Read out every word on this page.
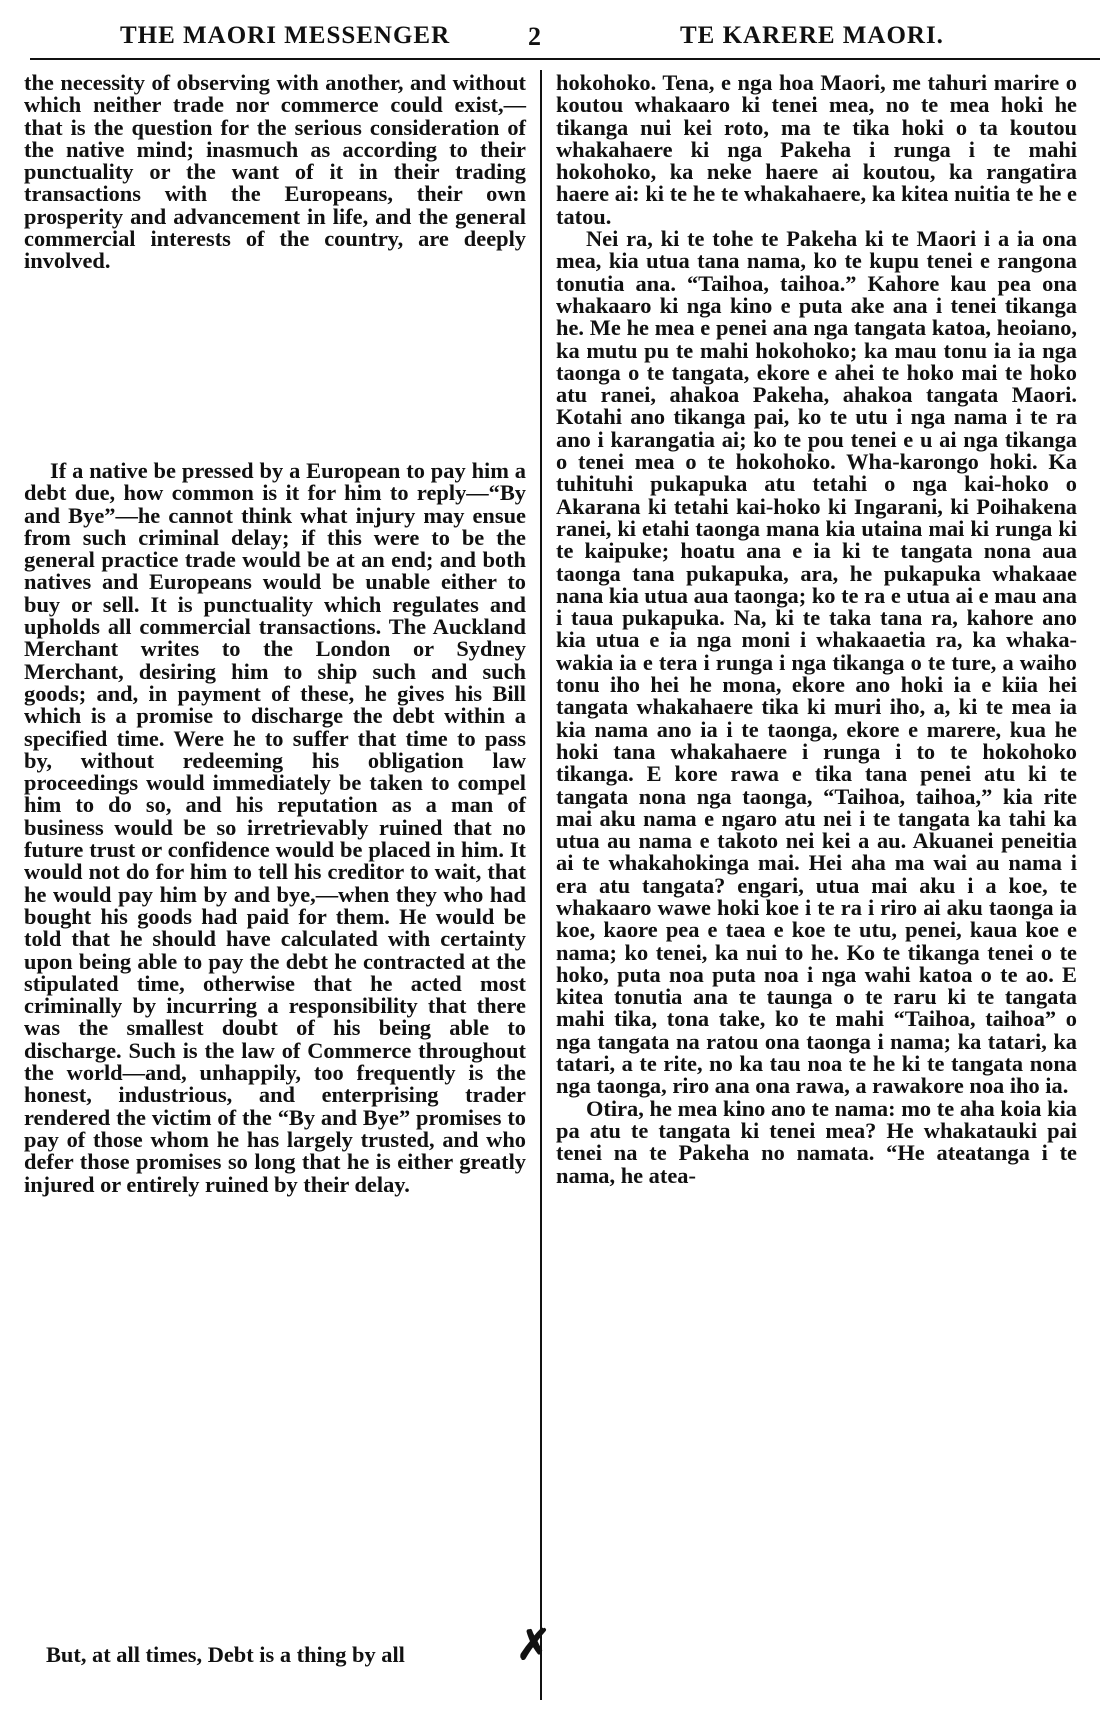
THE MAORI MESSENGER	2	TE KARERE MAORI.

the necessity of observing with another, and without which neither trade nor commerce could exist,—that is the question for the serious consideration of the native mind; inasmuch as according to their punctuality or the want of it in their trading transactions with the Europeans, their own prosperity and advancement in life, and the general commercial interests of the country, are deeply involved.

If a native be pressed by a European to pay him a debt due, how common is it for him to reply—“By and Bye”—he cannot think what injury may ensue from such criminal delay; if this were to be the general practice trade would be at an end; and both natives and Europeans would be unable either to buy or sell. It is punctuality which regulates and upholds all commercial transactions. The Auckland Merchant writes to the London or Sydney Merchant, desiring him to ship such and such goods; and, in payment of these, he gives his Bill which is a promise to discharge the debt within a specified time. Were he to suffer that time to pass by, without redeeming his obligation law proceedings would immediately be taken to compel him to do so, and his reputation as a man of business would be so irretrievably ruined that no future trust or confidence would be placed in him. It would not do for him to tell his creditor to wait, that he would pay him by and bye,—when they who had bought his goods had paid for them. He would be told that he should have calculated with certainty upon being able to pay the debt he contracted at the stipulated time, otherwise that he acted most criminally by incurring a responsibility that there was the smallest doubt of his being able to discharge. Such is the law of Commerce throughout the world—and, unhappily, too frequently is the honest, industrious, and enterprising trader rendered the victim of the “By and Bye” promises to pay of those whom he has largely trusted, and who defer those promises so long that he is either greatly injured or entirely ruined by their delay.

But, at all times, Debt is a thing by all

hokohoko. Tena, e nga hoa Maori, me tahuri marire o koutou whakaaro ki tenei mea, no te mea hoki he tikanga nui kei roto, ma te tika hoki o ta koutou whakahaere ki nga Pakeha i runga i te mahi hokohoko, ka neke haere ai koutou, ka rangatira haere ai: ki te he te whakahaere, ka kitea nuitia te he e tatou.

Nei ra, ki te tohe te Pakeha ki te Maori i a ia ona mea, kia utua tana nama, ko te kupu tenei e rangona tonutia ana. “Taihoa, taihoa.” Kahore kau pea ona whakaaro ki nga kino e puta ake ana i tenei tikanga he. Me he mea e penei ana nga tangata katoa, heoiano, ka mutu pu te mahi hokohoko; ka mau tonu ia ia nga taonga o te tangata, ekore e ahei te hoko mai te hoko atu ranei, ahakoa Pakeha, ahakoa tangata Maori. Kotahi ano tikanga pai, ko te utu i nga nama i te ra ano i karangatia ai; ko te pou tenei e u ai nga tikanga o tenei mea o te hokohoko. Wha-karongo hoki. Ka tuhituhi pukapuka atu tetahi o nga kai-hoko o Akarana ki tetahi kai-hoko ki Ingarani, ki Poihakena ranei, ki etahi taonga mana kia utaina mai ki runga ki te kaipuke; hoatu ana e ia ki te tangata nona aua taonga tana pukapuka, ara, he pukapuka whakaae nana kia utua aua taonga; ko te ra e utua ai e mau ana i taua pukapuka. Na, ki te taka tana ra, kahore ano kia utua e ia nga moni i whakaaetia ra, ka whaka-wakia ia e tera i runga i nga tikanga o te ture, a waiho tonu iho hei he mona, ekore ano hoki ia e kiia hei tangata whakahaere tika ki muri iho, a, ki te mea ia kia nama ano ia i te taonga, ekore e marere, kua he hoki tana whakahaere i runga i to te hokohoko tikanga. E kore rawa e tika tana penei atu ki te tangata nona nga taonga, “Taihoa, taihoa,” kia rite mai aku nama e ngaro atu nei i te tangata ka tahi ka utua au nama e takoto nei kei a au. Akuanei peneitia ai te whakahokinga mai. Hei aha ma wai au nama i era atu tangata? engari, utua mai aku i a koe, te whakaaro wawe hoki koe i te ra i riro ai aku taonga ia koe, kaore pea e taea e koe te utu, penei, kaua koe e nama; ko tenei, ka nui to he. Ko te tikanga tenei o te hoko, puta noa puta noa i nga wahi katoa o te ao. E kitea tonutia ana te taunga o te raru ki te tangata mahi tika, tona take, ko te mahi “Taihoa, taihoa” o nga tangata na ratou ona taonga i nama; ka tatari, ka tatari, a te rite, no ka tau noa te he ki te tangata nona nga taonga, riro ana ona rawa, a rawakore noa iho ia.

Otira, he mea kino ano te nama: mo te aha koia kia pa atu te tangata ki tenei mea? He whakatauki pai tenei na te Pakeha no namata. “He ateatanga i te nama, he atea-

✗
